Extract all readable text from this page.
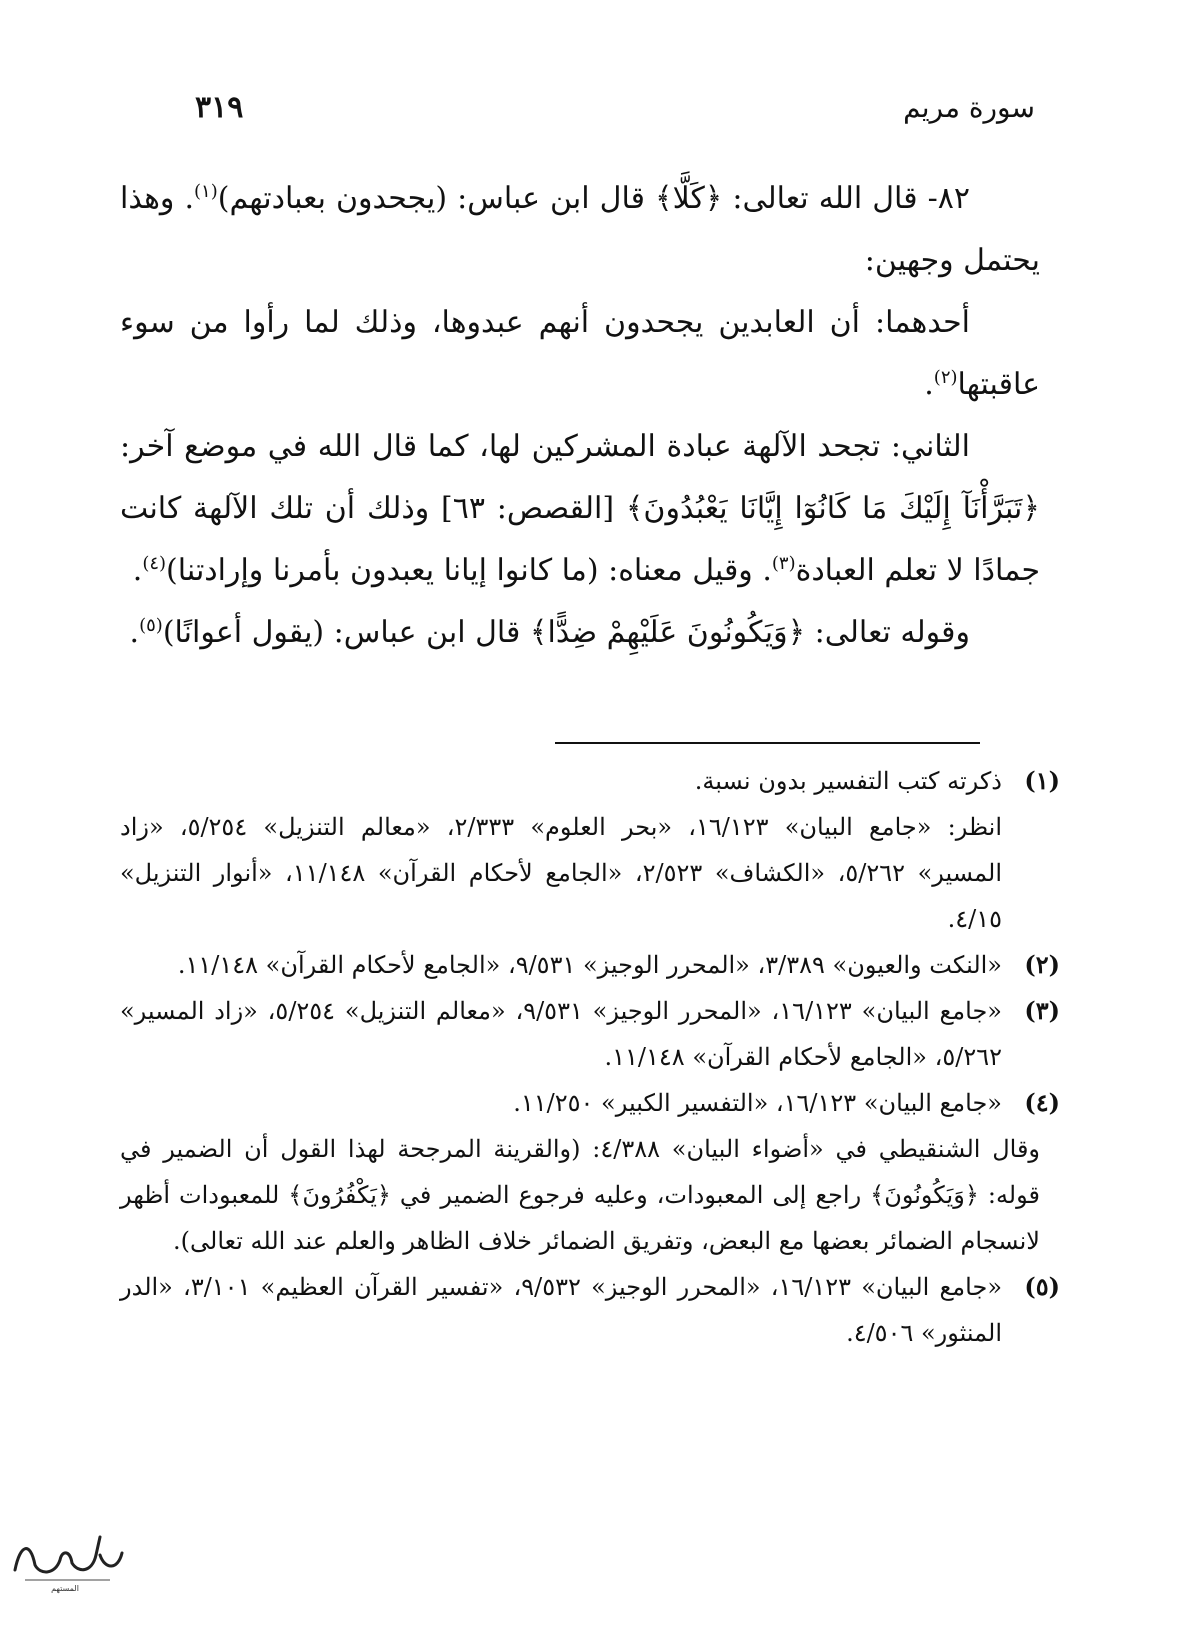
سورة مريم
٣١٩

٨٢- قال الله تعالى: ﴿كَلَّا﴾ قال ابن عباس: (يجحدون بعبادتهم)$^{(١)}$. وهذا يحتمل وجهين:

أحدهما: أن العابدين يجحدون أنهم عبدوها، وذلك لما رأوا من سوء عاقبتها$^{(٢)}$.

الثاني: تجحد الآلهة عبادة المشركين لها، كما قال الله في موضع آخر: ﴿تَبَرَّأْنَآ إِلَيْكَ مَا كَانُوٓا إِيَّانَا يَعْبُدُونَ﴾ [القصص: ٦٣] وذلك أن تلك الآلهة كانت جمادًا لا تعلم العبادة$^{(٣)}$. وقيل معناه: (ما كانوا إيانا يعبدون بأمرنا وإرادتنا)$^{(٤)}$.

وقوله تعالى: ﴿وَيَكُونُونَ عَلَيْهِمْ ضِدًّا﴾ قال ابن عباس: (يقول أعوانًا)$^{(٥)}$.

(١)

ذكرته كتب التفسير بدون نسبة.

انظر: «جامع البيان» ١٦/١٢٣، «بحر العلوم» ٢/٣٣٣، «معالم التنزيل» ٥/٢٥٤، «زاد المسير» ٥/٢٦٢، «الكشاف» ٢/٥٢٣، «الجامع لأحكام القرآن» ١١/١٤٨، «أنوار التنزيل» ٤/١٥.

(٢)

«النكت والعيون» ٣/٣٨٩، «المحرر الوجيز» ٩/٥٣١، «الجامع لأحكام القرآن» ١١/١٤٨.

(٣)

«جامع البيان» ١٦/١٢٣، «المحرر الوجيز» ٩/٥٣١، «معالم التنزيل» ٥/٢٥٤، «زاد المسير» ٥/٢٦٢، «الجامع لأحكام القرآن» ١١/١٤٨.

(٤)

«جامع البيان» ١٦/١٢٣، «التفسير الكبير» ١١/٢٥٠.

وقال الشنقيطي في «أضواء البيان» ٤/٣٨٨: (والقرينة المرجحة لهذا القول أن الضمير في قوله: ﴿وَيَكُونُونَ﴾ راجع إلى المعبودات، وعليه فرجوع الضمير في ﴿يَكْفُرُونَ﴾ للمعبودات أظهر لانسجام الضمائر بعضها مع البعض، وتفريق الضمائر خلاف الظاهر والعلم عند الله تعالى).

(٥)

«جامع البيان» ١٦/١٢٣، «المحرر الوجيز» ٩/٥٣٢، «تفسير القرآن العظيم» ٣/١٠١، «الدر المنثور» ٤/٥٠٦.

المستهم
